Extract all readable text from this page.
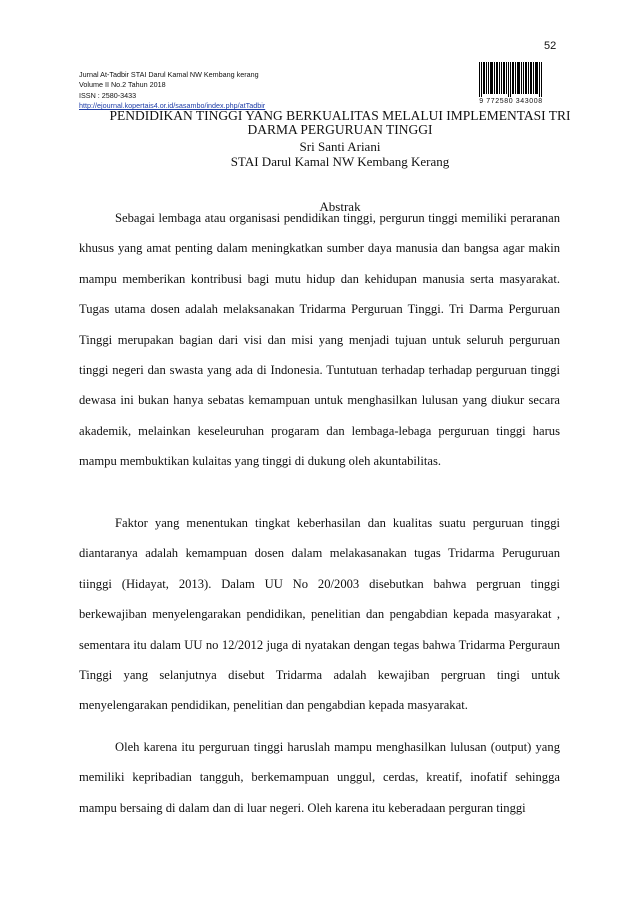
52
Jurnal At-Tadbir STAI Darul Kamal NW Kembang kerang
Volume II No.2 Tahun 2018
ISSN : 2580-3433
http://ejournal.kopertais4.or.id/sasambo/index.php/atTadbir	9 772580 343008
PENDIDIKAN TINGGI YANG BERKUALITAS MELALUI IMPLEMENTASI TRI DARMA PERGURUAN TINGGI
Sri Santi Ariani
STAI Darul Kamal NW Kembang Kerang
Abstrak

Sebagai lembaga atau organisasi pendidikan tinggi, pergurun tinggi memiliki peraranan khusus yang amat penting dalam meningkatkan sumber daya manusia dan bangsa agar makin mampu memberikan kontribusi bagi mutu hidup dan kehidupan manusia serta masyarakat. Tugas utama dosen adalah melaksanakan Tridarma Perguruan Tinggi. Tri Darma Perguruan Tinggi merupakan bagian dari visi dan misi yang menjadi tujuan untuk seluruh perguruan tinggi negeri dan swasta yang ada di Indonesia. Tuntutuan terhadap terhadap perguruan tinggi dewasa ini bukan hanya sebatas kemampuan untuk menghasilkan lulusan yang diukur secara akademik, melainkan keseleuruhan progaram dan lembaga-lebaga perguruan tinggi harus mampu membuktikan kulaitas yang tinggi di dukung oleh akuntabilitas.

Faktor yang menentukan tingkat keberhasilan dan kualitas suatu perguruan tinggi diantaranya adalah kemampuan dosen dalam melakasanakan tugas Tridarma Peruguruan tiinggi (Hidayat, 2013). Dalam UU No 20/2003 disebutkan bahwa pergruan tinggi berkewajiban menyelengarakan pendidikan, penelitian dan pengabdian kepada masyarakat , sementara itu dalam UU no 12/2012 juga di nyatakan dengan tegas bahwa Tridarma Perguraun Tinggi yang selanjutnya disebut Tridarma adalah kewajiban pergruan tingi untuk menyelengarakan pendidikan, penelitian dan pengabdian kepada masyarakat.

Oleh karena itu perguruan tinggi haruslah mampu menghasilkan lulusan (output) yang memiliki kepribadian tangguh, berkemampuan unggul, cerdas, kreatif, inofatif sehingga mampu bersaing di dalam dan di luar negeri. Oleh karena itu keberadaan perguran tinggi
